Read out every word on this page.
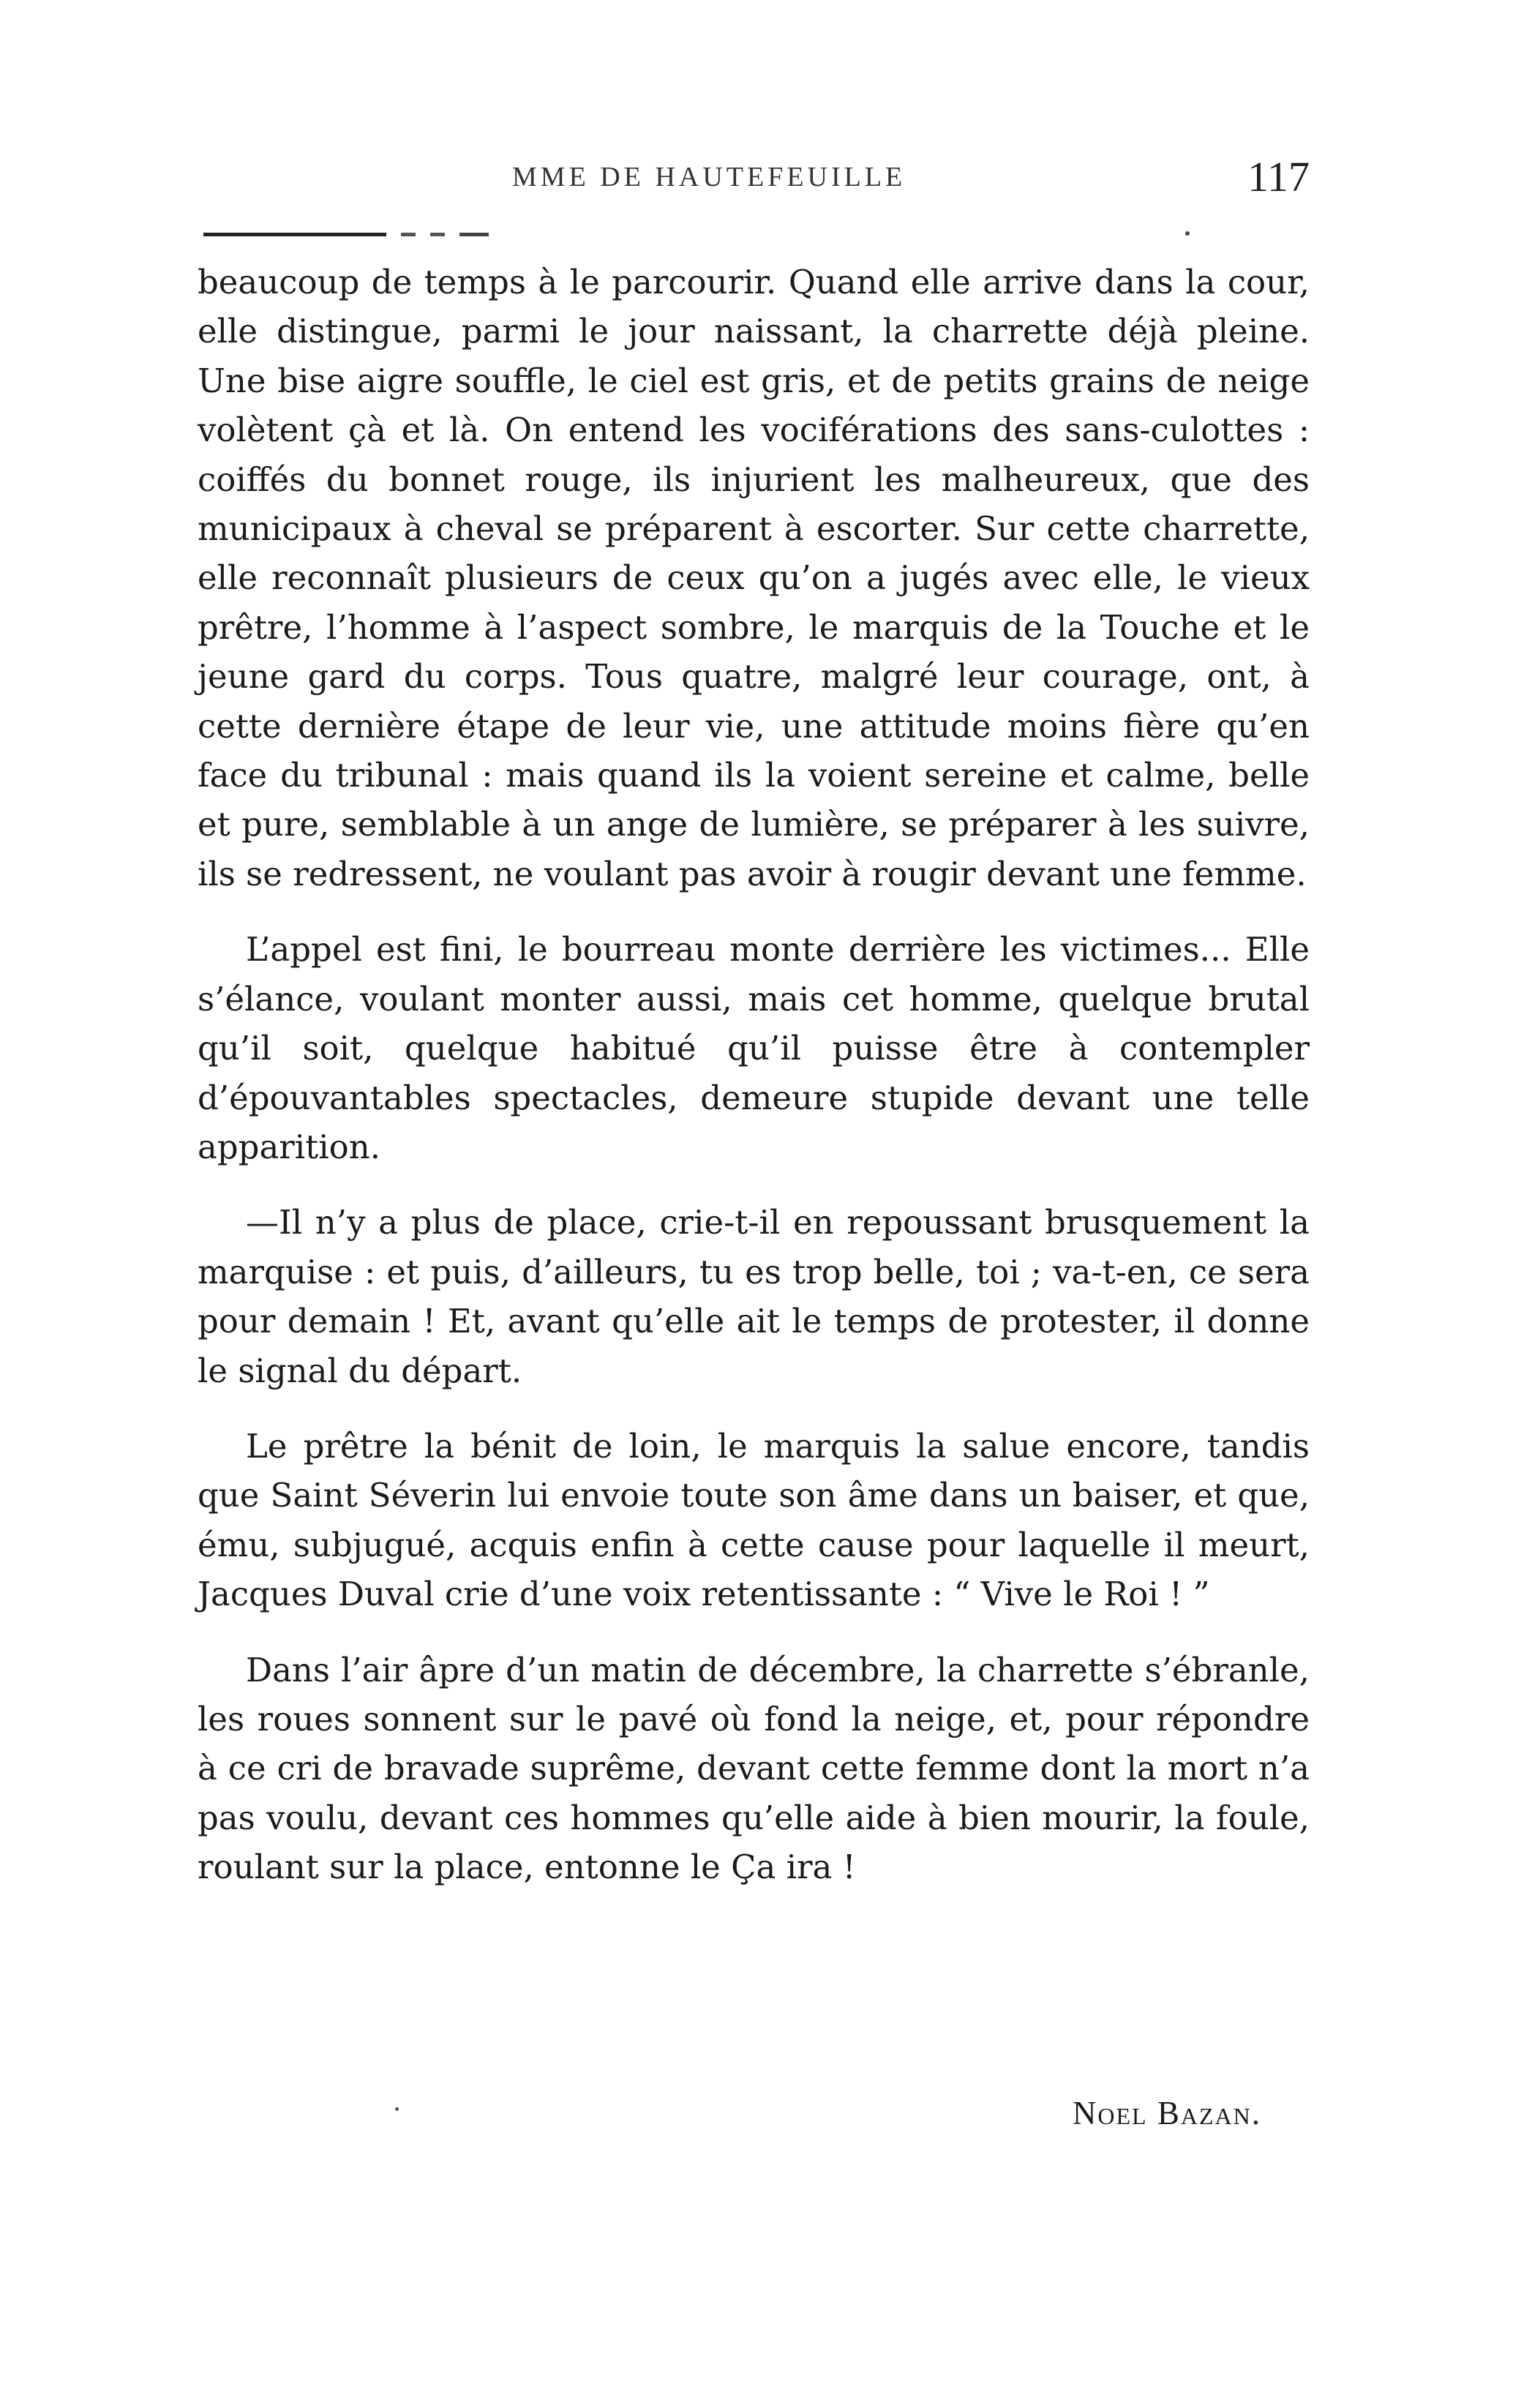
MME DE HAUTEFEUILLE	117

beaucoup de temps à le parcourir. Quand elle arrive dans la cour, elle distingue, parmi le jour naissant, la charrette déjà pleine. Une bise aigre souffle, le ciel est gris, et de petits grains de neige volètent çà et là. On entend les vociférations des sans-culottes : coiffés du bonnet rouge, ils injurient les malheureux, que des municipaux à cheval se préparent à escorter. Sur cette charrette, elle reconnaît plusieurs de ceux qu’on a jugés avec elle, le vieux prêtre, l’homme à l’aspect sombre, le marquis de la Touche et le jeune gard du corps. Tous quatre, malgré leur courage, ont, à cette dernière étape de leur vie, une attitude moins fière qu’en face du tribunal : mais quand ils la voient sereine et calme, belle et pure, semblable à un ange de lumière, se préparer à les suivre, ils se redressent, ne voulant pas avoir à rougir devant une femme.

L’appel est fini, le bourreau monte derrière les victimes... Elle s’élance, voulant monter aussi, mais cet homme, quelque brutal qu’il soit, quelque habitué qu’il puisse être à contempler d’épouvantables spectacles, demeure stupide devant une telle apparition.

—Il n’y a plus de place, crie-t-il en repoussant brusquement la marquise : et puis, d’ailleurs, tu es trop belle, toi ; va-t-en, ce sera pour demain ! Et, avant qu’elle ait le temps de protester, il donne le signal du départ.

Le prêtre la bénit de loin, le marquis la salue encore, tandis que Saint Séverin lui envoie toute son âme dans un baiser, et que, ému, subjugué, acquis enfin à cette cause pour laquelle il meurt, Jacques Duval crie d’une voix retentissante : “ Vive le Roi ! ”

Dans l’air âpre d’un matin de décembre, la charrette s’ébranle, les roues sonnent sur le pavé où fond la neige, et, pour répondre à ce cri de bravade suprême, devant cette femme dont la mort n’a pas voulu, devant ces hommes qu’elle aide à bien mourir, la foule, roulant sur la place, entonne le Ça ira !

Noel Bazan.
